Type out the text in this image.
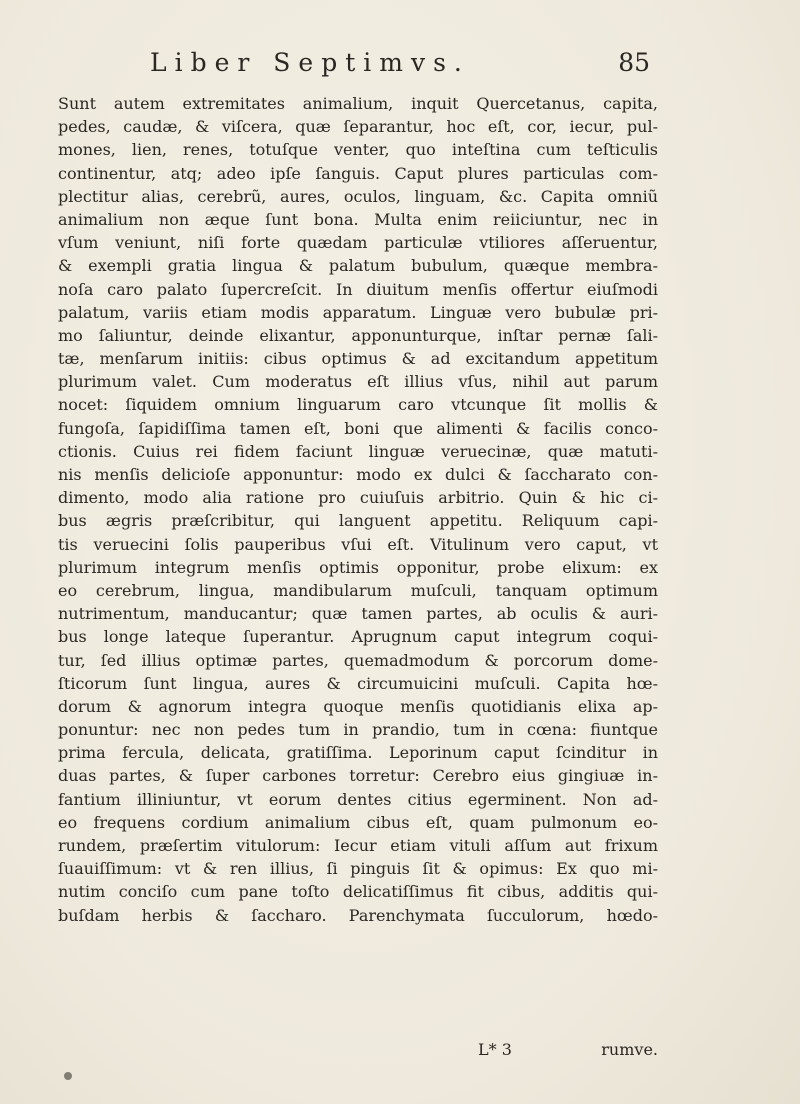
Liber Septimvs.	85
Sunt autem extremitates animalium, inquit Quercetanus, capita,
pedes, caudæ, & viſcera, quæ ſeparantur, hoc eſt, cor, iecur, pul-
mones, lien, renes, totuſque venter, quo inteſtina cum teſticulis
continentur, atq; adeo ipſe ſanguis. Caput plures particulas com-
plectitur alias, cerebrũ, aures, oculos, linguam, &c. Capita omniũ
animalium non æque ſunt bona. Multa enim reiiciuntur, nec in
vſum veniunt, niſi forte quædam particulæ vtiliores aſſeruentur,
& exempli gratia lingua & palatum bubulum, quæque membra-
noſa caro palato ſupercreſcit. In diuitum menſis offertur eiuſmodi
palatum, variis etiam modis apparatum. Linguæ vero bubulæ pri-
mo ſaliuntur, deinde elixantur, apponunturque, inſtar pernæ ſali-
tæ, menſarum initiis: cibus optimus & ad excitandum appetitum
plurimum valet. Cum moderatus eſt illius vſus, nihil aut parum
nocet: ſiquidem omnium linguarum caro vtcunque ſit mollis &
fungoſa, ſapidiſſima tamen eſt, boni que alimenti & facilis conco-
ctionis. Cuius rei fidem faciunt linguæ veruecinæ, quæ matuti-
nis menſis delicioſe apponuntur: modo ex dulci & ſaccharato con-
dimento, modo alia ratione pro cuiuſuis arbitrio. Quin & hic ci-
bus ægris præſcribitur, qui languent appetitu. Reliquum capi-
tis veruecini ſolis pauperibus vſui eſt. Vitulinum vero caput, vt
plurimum integrum menſis optimis opponitur, probe elixum: ex
eo cerebrum, lingua, mandibularum muſculi, tanquam optimum
nutrimentum, manducantur; quæ tamen partes, ab oculis & auri-
bus longe lateque ſuperantur. Aprugnum caput integrum coqui-
tur, ſed illius optimæ partes, quemadmodum & porcorum dome-
ſticorum ſunt lingua, aures & circumuicini muſculi. Capita hœ-
dorum & agnorum integra quoque menſis quotidianis elixa ap-
ponuntur: nec non pedes tum in prandio, tum in cœna: fiuntque
prima fercula, delicata, gratiſſima. Leporinum caput ſcinditur in
duas partes, & ſuper carbones torretur: Cerebro eius gingiuæ in-
fantium illiniuntur, vt eorum dentes citius egerminent. Non ad-
eo frequens cordium animalium cibus eſt, quam pulmonum eo-
rundem, præſertim vitulorum: Iecur etiam vituli aſſum aut frixum
ſuauiſſimum: vt & ren illius, ſi pinguis ſit & opimus: Ex quo mi-
nutim conciſo cum pane toſto delicatiſſimus fit cibus, additis qui-
buſdam herbis & ſaccharo. Parenchymata ſucculorum, hœdo-
L* 3	rumve.
